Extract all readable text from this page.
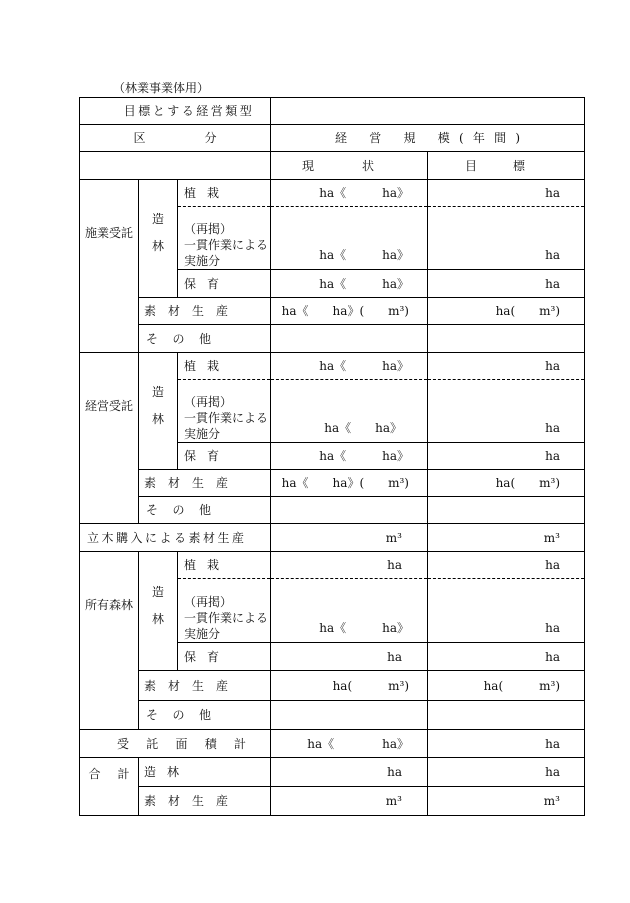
（林業事業体用）
目標とする経営類型				
区 分			経 営 規 模(年間)	
			現 状	目 標
施業受託	造林	植 栽	ha《　　　ha》	ha

		（再掲）
一貫作業による
実施分	ha《　　　ha》	ha
		保 育	ha《　　　ha》	ha
	素 材 生 産		ha《　　ha》(　　m³)	ha(　　m³)
	そ の 他			
経営受託	造林	植 栽	ha《　　　ha》	ha

		（再掲）
一貫作業による
実施分	ha《　　ha》	ha
		保 育	ha《　　　ha》	ha
	素 材 生 産		ha《　　ha》(　　m³)	ha(　　m³)
	そ の 他			
立木購入による素材生産			m³	m³
所有森林	造林	植 栽	ha	ha

		（再掲）
一貫作業による
実施分	ha《　　　ha》	ha
		保 育	ha	ha
	素 材 生 産		ha(　　　m³)	ha(　　　m³)
	そ の 他			
受 託 面 積 計			ha《　　　　ha》	ha
合 計	造 林		ha	ha
	素 材 生 産		m³	m³
